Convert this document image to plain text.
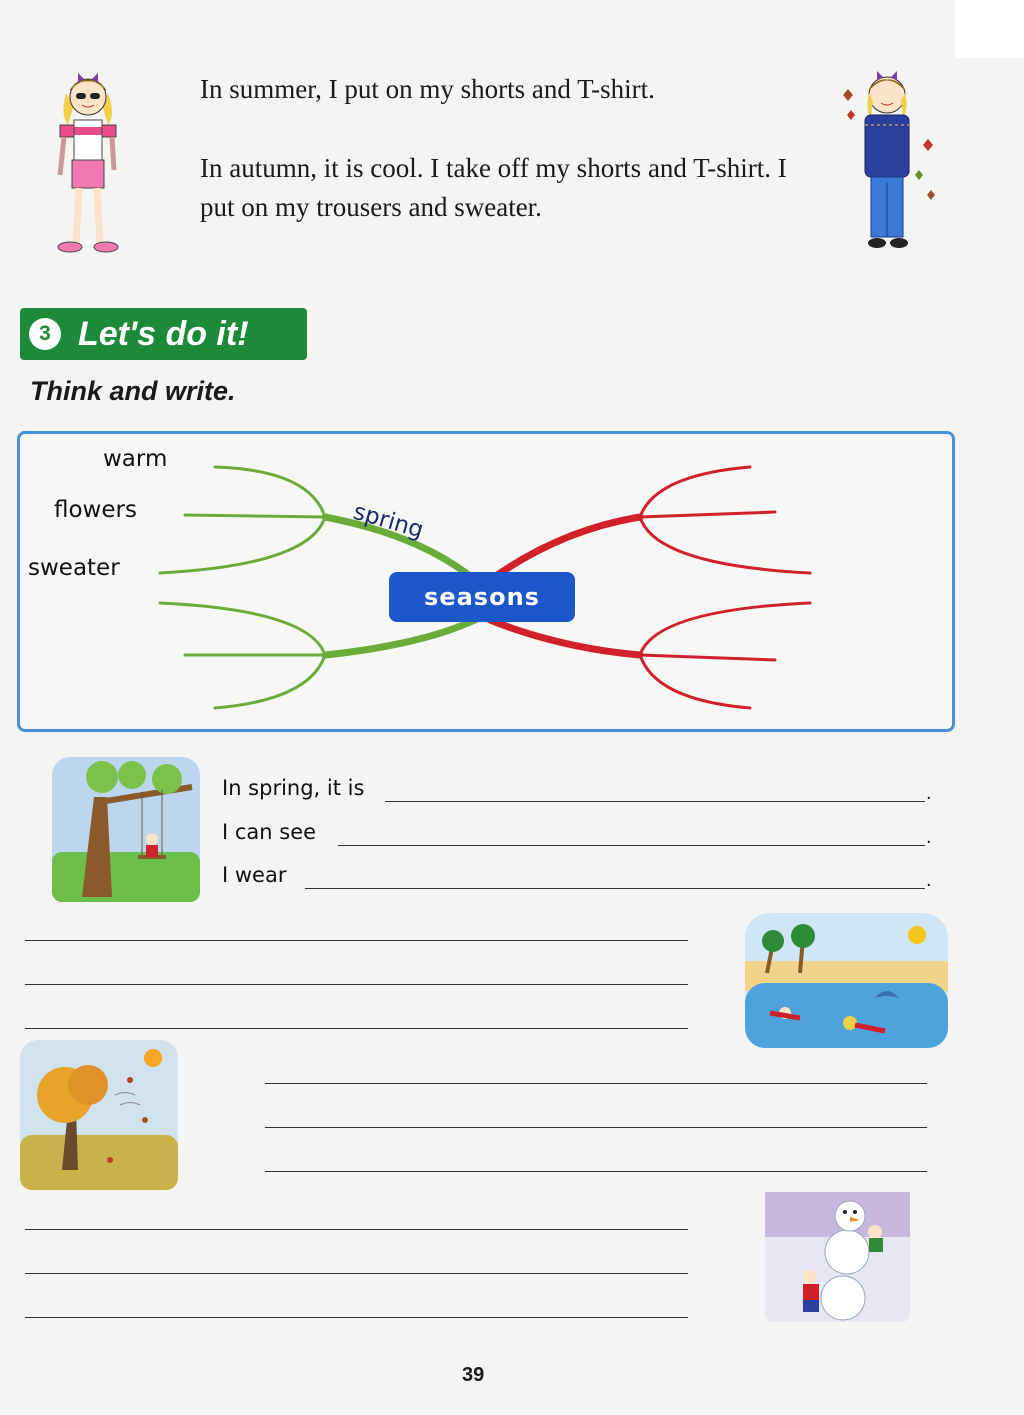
In summer, I put on my shorts and T-shirt.

In autumn, it is cool. I take off my shorts and T-shirt. I put on my trousers and sweater.

3 Let's do it!
Think and write.
spring
warm
flowers
sweater
seasons
In spring, it is	.
I can see	.
I wear	.
39
